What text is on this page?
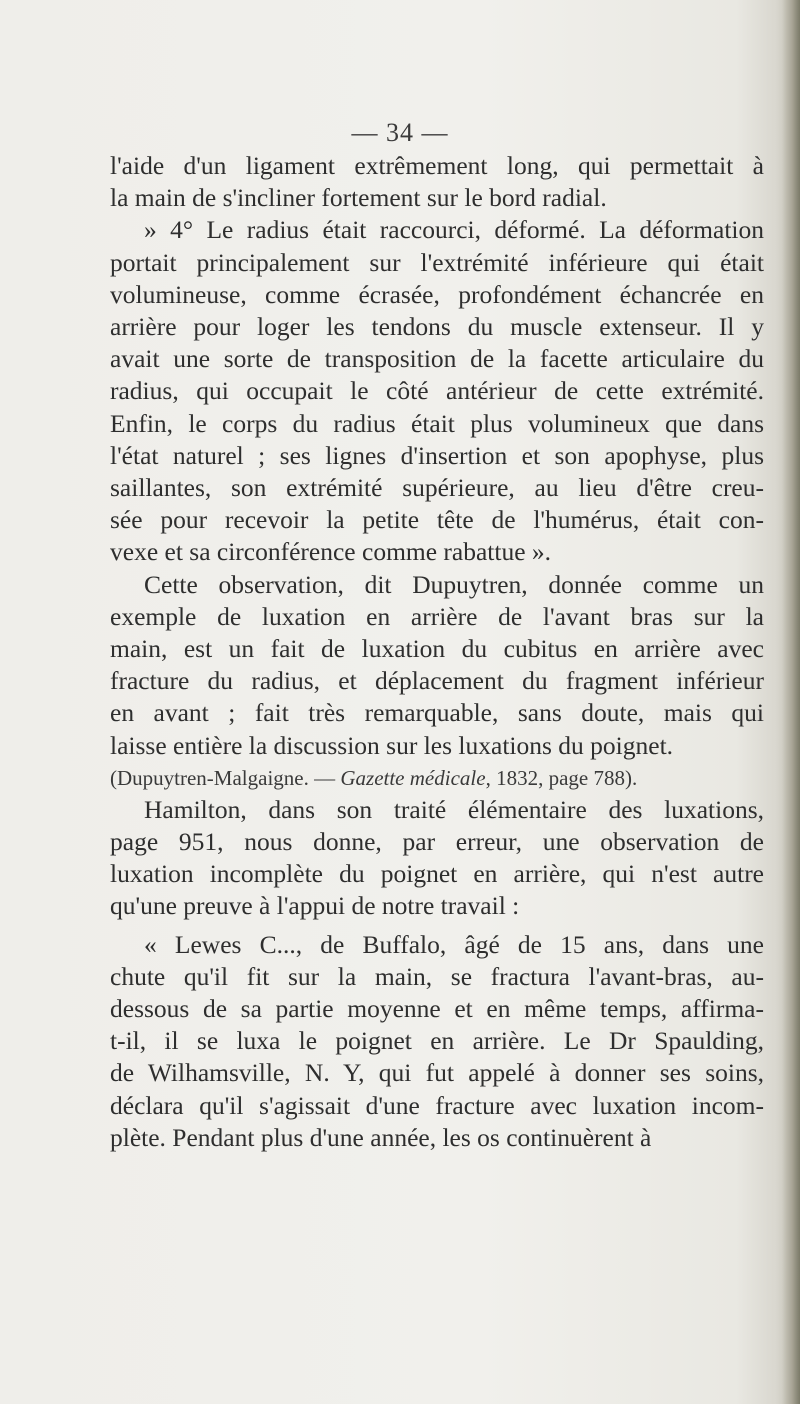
— 34 —

l'aide d'un ligament extrêmement long, qui permettait à
la main de s'incliner fortement sur le bord radial.

» 4° Le radius était raccourci, déformé. La déformation
portait principalement sur l'extrémité inférieure qui était
volumineuse, comme écrasée, profondément échancrée en
arrière pour loger les tendons du muscle extenseur. Il y
avait une sorte de transposition de la facette articulaire du
radius, qui occupait le côté antérieur de cette extrémité.
Enfin, le corps du radius était plus volumineux que dans
l'état naturel ; ses lignes d'insertion et son apophyse, plus
saillantes, son extrémité supérieure, au lieu d'être creu-
sée pour recevoir la petite tête de l'humérus, était con-
vexe et sa circonférence comme rabattue ».

Cette observation, dit Dupuytren, donnée comme un
exemple de luxation en arrière de l'avant bras sur la
main, est un fait de luxation du cubitus en arrière avec
fracture du radius, et déplacement du fragment inférieur
en avant ; fait très remarquable, sans doute, mais qui
laisse entière la discussion sur les luxations du poignet.

(Dupuytren-Malgaigne. — Gazette médicale, 1832, page 788).

Hamilton, dans son traité élémentaire des luxations,
page 951, nous donne, par erreur, une observation de
luxation incomplète du poignet en arrière, qui n'est autre
qu'une preuve à l'appui de notre travail :

« Lewes C..., de Buffalo, âgé de 15 ans, dans une
chute qu'il fit sur la main, se fractura l'avant-bras, au-
dessous de sa partie moyenne et en même temps, affirma-
t-il, il se luxa le poignet en arrière. Le Dr Spaulding,
de Wilhamsville, N. Y, qui fut appelé à donner ses soins,
déclara qu'il s'agissait d'une fracture avec luxation incom-
plète. Pendant plus d'une année, les os continuèrent à
